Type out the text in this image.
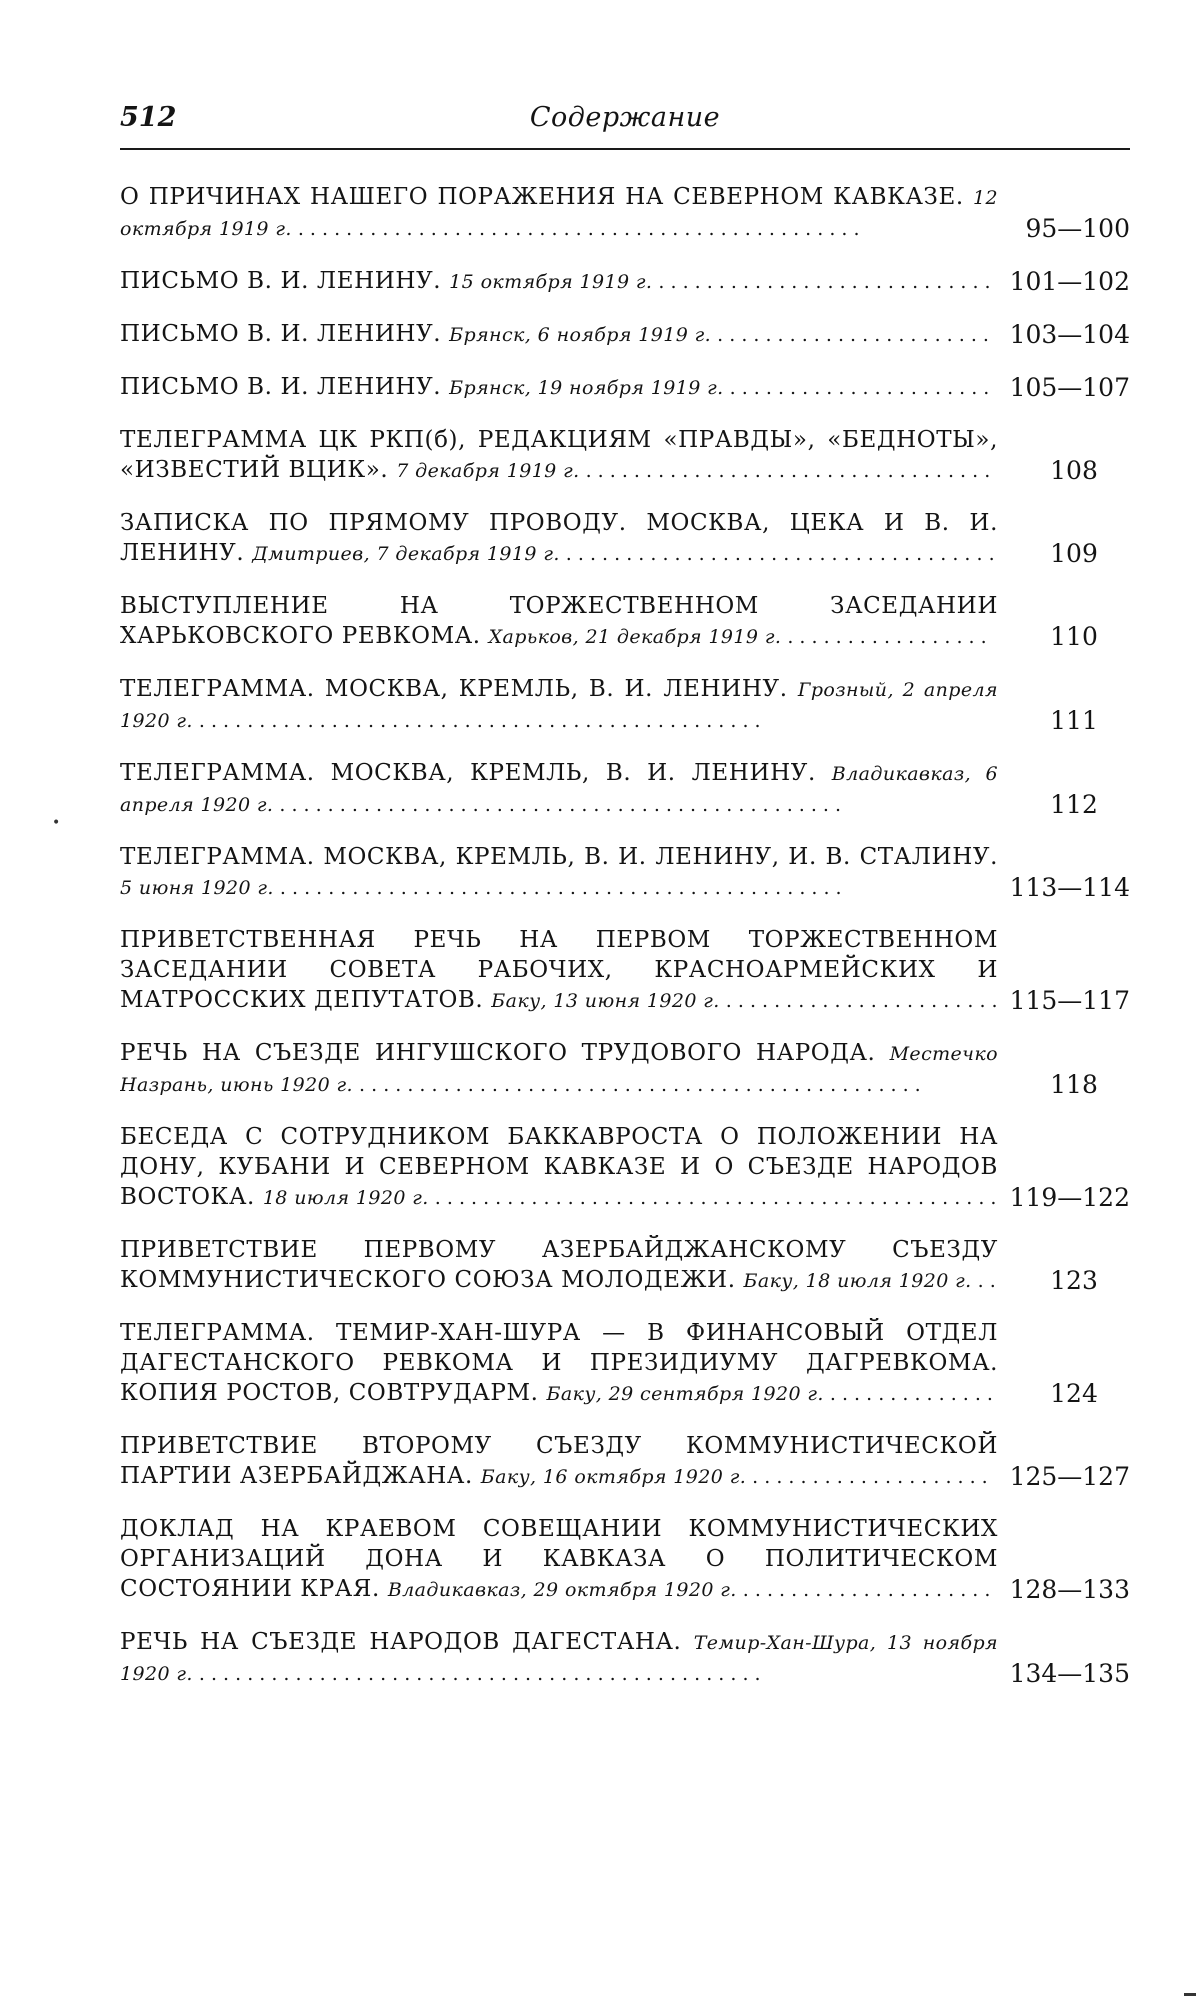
512	Содержание
О ПРИЧИНАХ НАШЕГО ПОРАЖЕНИЯ НА СЕВЕРНОМ КАВКАЗЕ. 12 октября 1919 г. . . . . . . . . . . . . . . . . . . . . . . . . . . . . . . . . . . . . . . . . . . . . . . .	95—100
ПИСЬМО В. И. ЛЕНИНУ. 15 октября 1919 г. . . . . . . . . . . . . . . . . . . . . . . . . . . . . 101—102
ПИСЬМО В. И. ЛЕНИНУ. Брянск, 6 ноября 1919 г. . . . . . . . . . . . . . . . . . . . . . . . 103—104
ПИСЬМО В. И. ЛЕНИНУ. Брянск, 19 ноября 1919 г. . . . . . . . . . . . . . . . . . . . . . . 105—107
ТЕЛЕГРАММА ЦК РКП(б), РЕДАКЦИЯМ «ПРАВДЫ», «БЕДНОТЫ», «ИЗВЕСТИЙ ВЦИК». 7 декабря 1919 г. . . . . . . . . . . . . . . . . . . . . . . . . . . . . . . . . . .	108
ЗАПИСКА ПО ПРЯМОМУ ПРОВОДУ. МОСКВА, ЦЕКА И В. И. ЛЕНИНУ. Дмитриев, 7 декабря 1919 г. . . . . . . . . . . . . . . . . . . . . . . . . . . . . . . . . . . . .	109
ВЫСТУПЛЕНИЕ НА ТОРЖЕСТВЕННОМ ЗАСЕДАНИИ ХАРЬКОВСКОГО РЕВКОМА. Харьков, 21 декабря 1919 г. . . . . . . . . . . . . . . . . .	110
ТЕЛЕГРАММА. МОСКВА, КРЕМЛЬ, В. И. ЛЕНИНУ. Грозный, 2 апреля 1920 г. . . . . . . . . . . . . . . . . . . . . . . . . . . . . . . . . . . . . . . . . . . . . . . .	111
ТЕЛЕГРАММА. МОСКВА, КРЕМЛЬ, В. И. ЛЕНИНУ. Владикавказ, 6 апреля 1920 г. . . . . . . . . . . . . . . . . . . . . . . . . . . . . . . . . . . . . . . . . . . . . . . .	112
ТЕЛЕГРАММА. МОСКВА, КРЕМЛЬ, В. И. ЛЕНИНУ, И. В. СТАЛИНУ. 5 июня 1920 г. . . . . . . . . . . . . . . . . . . . . . . . . . . . . . . . . . . . . . . . . . . . . . . .	113—114
ПРИВЕТСТВЕННАЯ РЕЧЬ НА ПЕРВОМ ТОРЖЕСТВЕННОМ ЗАСЕДАНИИ СОВЕТА РАБОЧИХ, КРАСНОАРМЕЙСКИХ И МАТРОССКИХ ДЕПУТАТОВ. Баку, 13 июня 1920 г. . . . . . . . . . . . . . . . . . . . . . . . 115—117
РЕЧЬ НА СЪЕЗДЕ ИНГУШСКОГО ТРУДОВОГО НАРОДА. Местечко Назрань, июнь 1920 г. . . . . . . . . . . . . . . . . . . . . . . . . . . . . . . . . . . . . . . . . . . . . . . .	118
БЕСЕДА С СОТРУДНИКОМ БАККАВРОСТА О ПОЛОЖЕНИИ НА ДОНУ, КУБАНИ И СЕВЕРНОМ КАВКАЗЕ И О СЪЕЗДЕ НАРОДОВ ВОСТОКА. 18 июля 1920 г. . . . . . . . . . . . . . . . . . . . . . . . . . . . . . . . . . . . . . . . . . . . . . . . 119—122
ПРИВЕТСТВИЕ ПЕРВОМУ АЗЕРБАЙДЖАНСКОМУ СЪЕЗДУ КОММУНИСТИЧЕСКОГО СОЮЗА МОЛОДЕЖИ. Баку, 18 июля 1920 г. . .	123
ТЕЛЕГРАММА. ТЕМИР-ХАН-ШУРА — В ФИНАНСОВЫЙ ОТДЕЛ ДАГЕСТАНСКОГО РЕВКОМА И ПРЕЗИДИУМУ ДАГРЕВКОМА. КОПИЯ РОСТОВ, СОВТРУДАРМ. Баку, 29 сентября 1920 г. . . . . . . . . . . . . . .	124
ПРИВЕТСТВИЕ ВТОРОМУ СЪЕЗДУ КОММУНИСТИЧЕСКОЙ ПАРТИИ АЗЕРБАЙДЖАНА. Баку, 16 октября 1920 г. . . . . . . . . . . . . . . . . . . . . 125—127
ДОКЛАД НА КРАЕВОМ СОВЕЩАНИИ КОММУНИСТИЧЕСКИХ ОРГАНИЗАЦИЙ ДОНА И КАВКАЗА О ПОЛИТИЧЕСКОМ СОСТОЯНИИ КРАЯ. Владикавказ, 29 октября 1920 г. . . . . . . . . . . . . . . . . . . . . . 128—133
РЕЧЬ НА СЪЕЗДЕ НАРОДОВ ДАГЕСТАНА. Темир-Хан-Шура, 13 ноября 1920 г. . . . . . . . . . . . . . . . . . . . . . . . . . . . . . . . . . . . . . . . . . . . . . . .	134—135
•
